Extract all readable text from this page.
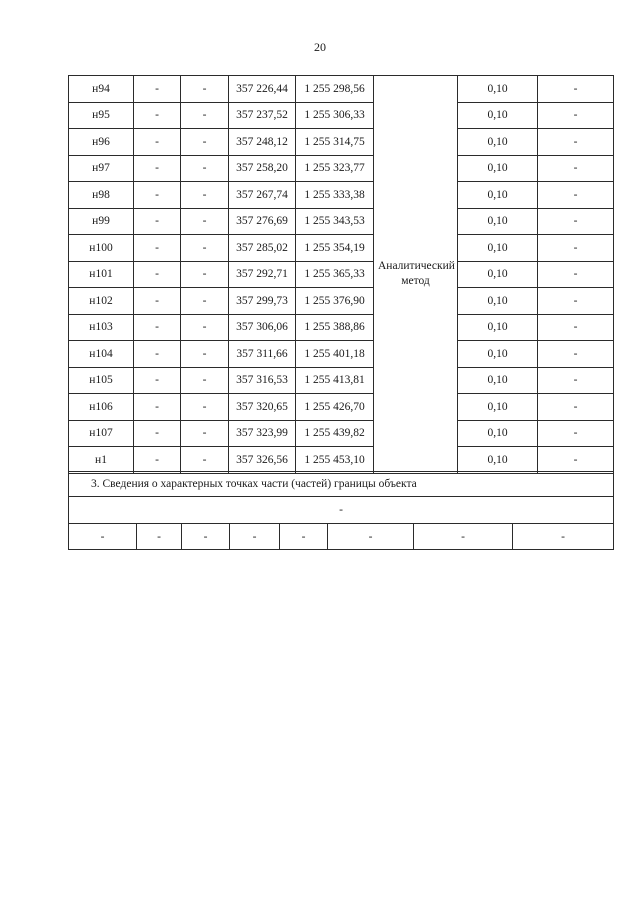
20
н94	-	-	357 226,44	1 255 298,56	Аналитический метод	0,10	-
н95	-	-	357 237,52	1 255 306,33		0,10	-
н96	-	-	357 248,12	1 255 314,75		0,10	-
н97	-	-	357 258,20	1 255 323,77		0,10	-
н98	-	-	357 267,74	1 255 333,38		0,10	-
н99	-	-	357 276,69	1 255 343,53		0,10	-
н100	-	-	357 285,02	1 255 354,19		0,10	-
н101	-	-	357 292,71	1 255 365,33		0,10	-
н102	-	-	357 299,73	1 255 376,90		0,10	-
н103	-	-	357 306,06	1 255 388,86		0,10	-
н104	-	-	357 311,66	1 255 401,18		0,10	-
н105	-	-	357 316,53	1 255 413,81		0,10	-
н106	-	-	357 320,65	1 255 426,70		0,10	-
н107	-	-	357 323,99	1 255 439,82		0,10	-
н1	-	-	357 326,56	1 255 453,10		0,10	-
3. Сведения о характерных точках части (частей) границы объекта
-
-	-	-	-	-	-	-	-
